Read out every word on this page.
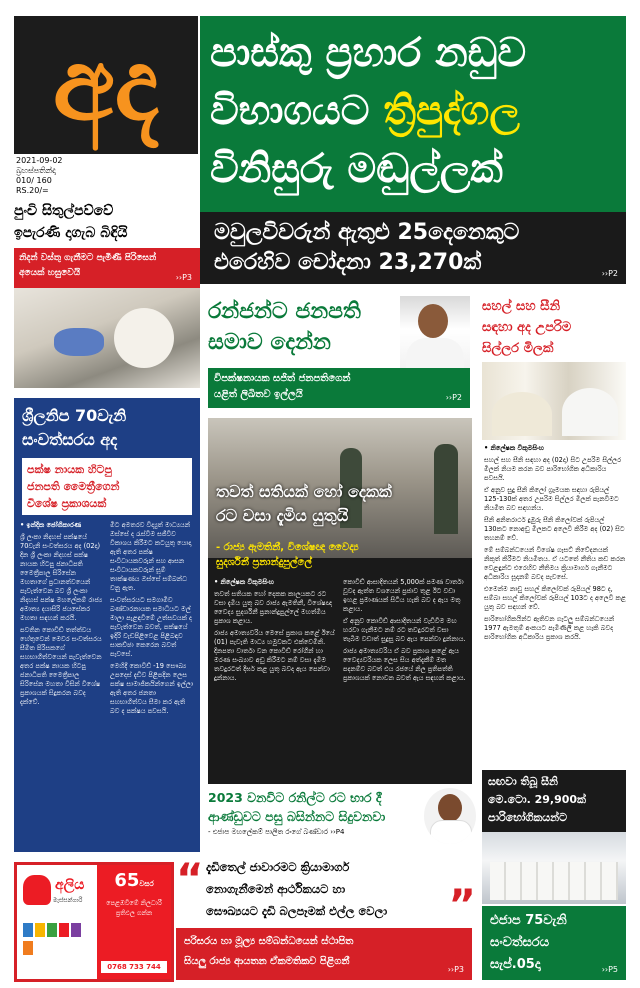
අද
2021-09-02
බ්‍රහස්පතින්දා
010/ 160
RS.20/=
පාස්කු ප්‍රහාර නඩුව
විභාගයට ත්‍රිපුද්ගල
විනිසුරු මඬුල්ලක්
මවුලවිවරුන් ඇතුළු 25දෙනෙකුට
එරෙහිව චෝදනා 23,270ක්	››P2
පුංචි සිතුල්පව්වේ
ඉපැරණි දාගැබ බිඳියි
නිදන් වස්තු ගැනීමට පැමිණි පිරිසෙන් අයෙක් හසුවෙයි	››P3
රන්ජන්ට ජනපති
සමාව දෙන්න
විපක්ෂනායක සජිත් ජනපතිගෙන්
යළිත් ලිඛිතව ඉල්ලයි	››P2
සහල් සහ සීනි
සඳහා අද උපරිම
සිල්ලර මිලක්

• නිලේෂක විකුමසිංහ

සහල් සහ සීනි සඳහා අද (02දා) සිට උපරිම සිල්ලර මිලක් නියම කරන බව පාරිභෝගික අධිකාරිය පවසයි.

ඒ අනුව සුදු සීනි කිලෝ ග්‍රෑමයක සඳහා රුපියල් 125-130ක් අතර උපරිම සිල්ලර මිලක් පැනවීමට නියමිත බව සඳහන්ය.

සීනි අනිතරාර්ථ දුඹුරු සීනි කිලෝවක් රුපියල් 130කට නොඅඩු මිලකට අලෙවි කිරීම අද (02) සිට තහනම් වේ.

මේ සම්බන්ධයෙන් විශේෂ ගැසට් නිවේදනයක් නිකුත් කිරීමට නියමිතය. ඒ යටතේ නීතිය කඩ කරන වෙළඳුන්ට එරෙහිව නීතිමය ක්‍රියාමාර්ග ගැනීමට අධිකාරිය සූදානම් බවද පැවසේ.

එමෙන්ම නාඩු සහල් කිලෝවක් රුපියල් 98ට ද, සම්බා සහල් කිලෝවක් රුපියල් 103ට ද අලෙවි කළ යුතු බව සඳහන් වේ.

පාරිභෝගිකයින්ට ඇතිවන ගැටලු සම්බන්ධයෙන් 1977 ඇමතුම් අංකයට පැමිණිලි කළ හැකි බවද පාරිභෝගික අධිකාරිය ප්‍රකාශ කරයි.

ශ්‍රීලනිප 70වැනි
සංවත්සරය අද
පක්ෂ නායක හිටපු
ජනපති මෛත්‍රීගෙන්
විශේෂ ප්‍රකාශයක්

• ඉන්දික ජෝගිකාරණ

ශ්‍රී ලංකා නිදහස් පක්ෂයේ 70වැනි සංවත්සරය අද (02දා) දින ශ්‍රී ලංකා නිදහස් පක්ෂ නායක හිටපු ජනාධිපති මෛත්‍රීපාල සිරිසේන මහතාගේ ප්‍රධානත්වයෙන් පැවැත්වෙන බව ශ්‍රී ලංකා නිදහස් පක්ෂ මහලේකම් රාජ්‍ය අමාත්‍ය දයාසිරි ජයසේකර මහතා සඳහන් කරයි.

පවතින කොවිඩ් තත්ත්වය හේතුවෙන් මෙවර සංවත්සරය සීමිත පිරිසකගේ සහභාගීත්වයෙන් පැවැත්වෙන අතර පක්ෂ නායක හිටපු ජනාධිපති මෛත්‍රීපාල සිරිසේන මහතා විසින් විශේෂ ප්‍රකාශයක් සිදුකරන බවද දැක්වේ.

මීට අමතරව විද්‍යුත් මාධ්‍යයන් ඔස්සේ ද රැස්වීම සජීවීව විකාශය කිරීමට කටයුතු යොදා ඇති අතර පක්ෂ සංවිධායකවරුන් සහ ආසන සංවිධායකවරුන් සූම් තාක්ෂණය ඔස්සේ සම්බන්ධ වනු ඇත.

සංවත්සරයට සමගාමීව බණ්ඩාරනායක සමාධියට මල් මාලා පැළඳවීමේ උත්සවයක් ද පැවැත්වෙන බවත්, පක්ෂයේ ඉදිරි වැඩපිළිවෙළ පිළිබඳව සාකච්ඡා කෙරෙන බවත් පැවසේ.

මෙහිදී කොවිඩ් -19 සෞඛ්‍ය උපදෙස් දැඩිව පිළිපදින ලෙස පක්ෂ සාමාජිකයින්ගෙන් ඉල්ලා ඇති අතර ජනතා සහභාගීත්වය සීමා කර ඇති බව ද පක්ෂය පවසයි.

තවත් සතියක් හෝ දෙකක්
රට වසා දැමිය යුතුයි
- රාජ්‍ය ඇමතිනී, විශේෂඥ වෛද්‍ය
සුදර්ශිනී ප්‍රනාන්දුපුල්ලේ

• නිලේෂක විකුමසිංහ

තවත් සතියක හෝ දෙකක කාලයකට රට වසා දැමිය යුතු බව රාජ්‍ය ඇමතිනී, විශේෂඥ වෛද්‍ය සුදර්ශිනී ප්‍රනාන්දුපුල්ලේ මහත්මිය ප්‍රකාශ කළාය.

රාජ්‍ය අමාත්‍යවරිය මෙසේ ප්‍රකාශ කළේ ඊයේ (01) පැවැති මාධ්‍ය හමුවකට එක්වෙමිනි. දිනපතා වාර්තා වන කොවිඩ් රෝගීන් හා මරණ සංඛ්‍යාව අඩු කිරීමට නම් වසා දැමීම තවදුරටත් දීර්ඝ කළ යුතු බවද ඇය පෙන්වා දුන්නාය.

කොවිඩ් ආසාදිතයන් 5,000ක් පමණ වාර්තා වූවද ඇත්ත වශයෙන් ප්‍රජාව තුළ ඊට වඩා ඉහළ ප්‍රමාණයක් සිටිය හැකි බව ද ඇය මතු කළාය.

ඒ අනුව කොවිඩ් ආසාදිතයන් වැඩිවීම මඟ හරවා ගැනීමට නම් රට තවදුරටත් වසා තැබීම වඩාත් සුදුසු බව ඇය පෙන්වා දුන්නාය.

රාජ්‍ය අමාත්‍යවරිය ඒ බව ප්‍රකාශ කළේ ඇය වෛද්‍යවරියක ලෙස සිය අත්දැකීම් මත පදනම්ව බවත් එය රජයේ නිල ප්‍රතිපත්ති ප්‍රකාශයක් නොවන බවත් ඇය සඳහන් කළාය.

2023 වනවිට රනිල්ට රට භාර දී ආණ්ඩුවට පසු බසින්නට සිදුවනවා
- එජාප මහලේකම් පාලිත රංගේ බණ්ඩාර ››P4
සඟවා තිබූ සීනි
මෙ.ටො. 29,900ක්
පාරිභෝගිකයන්ට
අලිය
මැස්සන්ගාරි
65වසර
පෙළඹවීමේ නිලධාරී ප්‍රතිඵල ගන්න
0768 733 744
“
”
දැඩිතෙල් ජාවාරමට ක්‍රියාමාර්ග
නොගැනීමෙන් ආර්ථිකයට හා
සෞඛ්‍යයට දැඩි බලපෑමක් එල්ල වෙලා
පරිසරය හා මූල්‍ය සම්බන්ධයෙන් ස්ථාපිත
සියලු රාජ්‍ය ආයතන ඒකමතිකව පිළිගනී
››P3
එජාප 75වැනි
සංවත්සරය
සැප්.05දා	››P5
